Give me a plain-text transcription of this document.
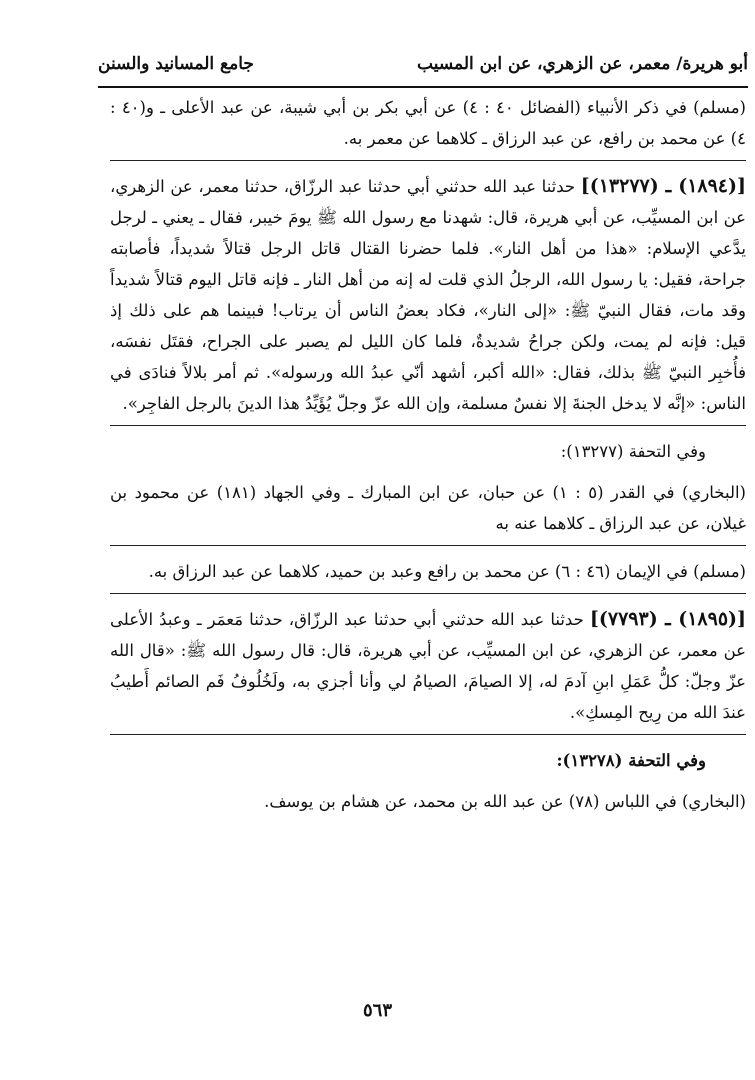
أبو هريرة/ معمر، عن الزهري، عن ابن المسيب
جامع المسانيد والسنن
(مسلم) في ذكر الأنبياء (الفضائل ٤٠ : ٤) عن أبي بكر بن أبي شيبة، عن عبد الأعلى ـ و(٤٠ : ٤) عن محمد بن رافع، عن عبد الرزاق ـ كلاهما عن معمر به.
[(١٨٩٤) ـ (١٣٢٧٧)] حدثنا عبد الله حدثني أبي حدثنا عبد الرزّاق، حدثنا معمر، عن الزهري، عن ابن المسيِّب، عن أبي هريرة، قال: شهدنا مع رسول الله ﷺ يومَ خيبر، فقال ـ يعني ـ لرجل يدَّعي الإسلام: «هذا من أهل النار». فلما حضرنا القتال قاتل الرجل قتالاً شديداً، فأصابته جراحة، فقيل: يا رسول الله، الرجلُ الذي قلت له إنه من أهل النار ـ فإنه قاتل اليوم قتالاً شديداً وقد مات، فقال النبيّ ﷺ: «إلى النار»، فكاد بعضُ الناس أن يرتاب! فبينما هم على ذلك إذ قيل: فإنه لم يمت، ولكن جراحُ شديدةٌ، فلما كان الليل لم يصبر على الجراح، فقتَل نفسَه، فأُخبِر النبيّ ﷺ بذلك، فقال: «الله أكبر، أشهد أنّي عبدُ الله ورسوله». ثم أمر بلالاً فنادَى في الناس: «إنَّه لا يدخل الجنةَ إلا نفسٌ مسلمة، وإن الله عزّ وجلّ يُؤَيِّدُ هذا الدينَ بالرجل الفاجِر».
وفي التحفة (١٣٢٧٧):
(البخاري) في القدر (٥ : ١) عن حبان، عن ابن المبارك ـ وفي الجهاد (١٨١) عن محمود بن غيلان، عن عبد الرزاق ـ كلاهما عنه به
(مسلم) في الإيمان (٤٦ : ٦) عن محمد بن رافع وعبد بن حميد، كلاهما عن عبد الرزاق به.
[(١٨٩٥) ـ (٧٧٩٣)] حدثنا عبد الله حدثني أبي حدثنا عبد الرزّاق، حدثنا مَعمَر ـ وعبدُ الأعلى عن معمر، عن الزهري، عن ابن المسيِّب، عن أبي هريرة، قال: قال رسول الله ﷺ: «قال الله عزّ وجلّ: كلُّ عَمَلِ ابنِ آدمَ له، إلا الصيامَ، الصيامُ لي وأنا أجزي به، ولَخُلُوفُ فَم الصائم أَطيبُ عندَ الله من رِيح المِسكِ».
وفي التحفة (١٣٢٧٨):
(البخاري) في اللباس (٧٨) عن عبد الله بن محمد، عن هشام بن يوسف.
٥٦٣
